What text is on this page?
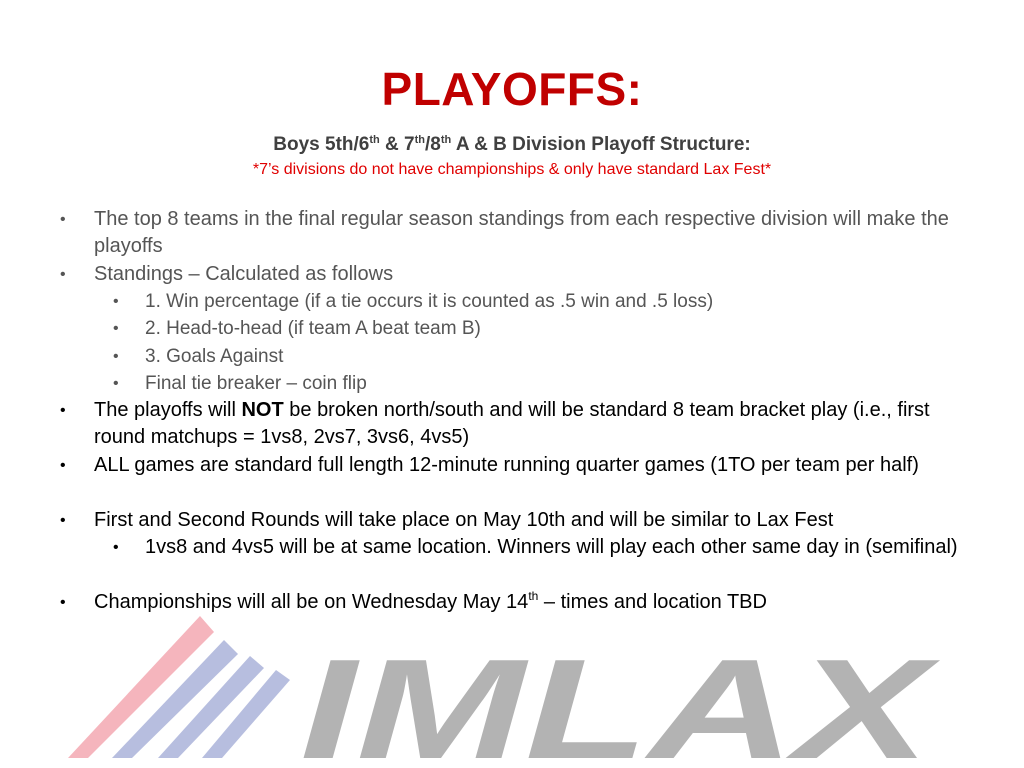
PLAYOFFS:
Boys 5th/6th & 7th/8th A & B Division Playoff Structure:
*7’s divisions do not have championships & only have standard Lax Fest*
• The top 8 teams in the final regular season standings from each respective division will make the playoffs
• Standings – Calculated as follows
• 1. Win percentage (if a tie occurs it is counted as .5 win and .5 loss)
• 2. Head-to-head (if team A beat team B)
• 3. Goals Against
• Final tie breaker – coin flip
• The playoffs will NOT be broken north/south and will be standard 8 team bracket play (i.e., first round matchups = 1vs8, 2vs7, 3vs6, 4vs5)
• ALL games are standard full length 12-minute running quarter games (1TO per team per half)
• First and Second Rounds will take place on May 10th and will be similar to Lax Fest
• 1vs8 and 4vs5 will be at same location. Winners will play each other same day in (semifinal)
• Championships will all be on Wednesday May 14th – times and location TBD
IMLAX
